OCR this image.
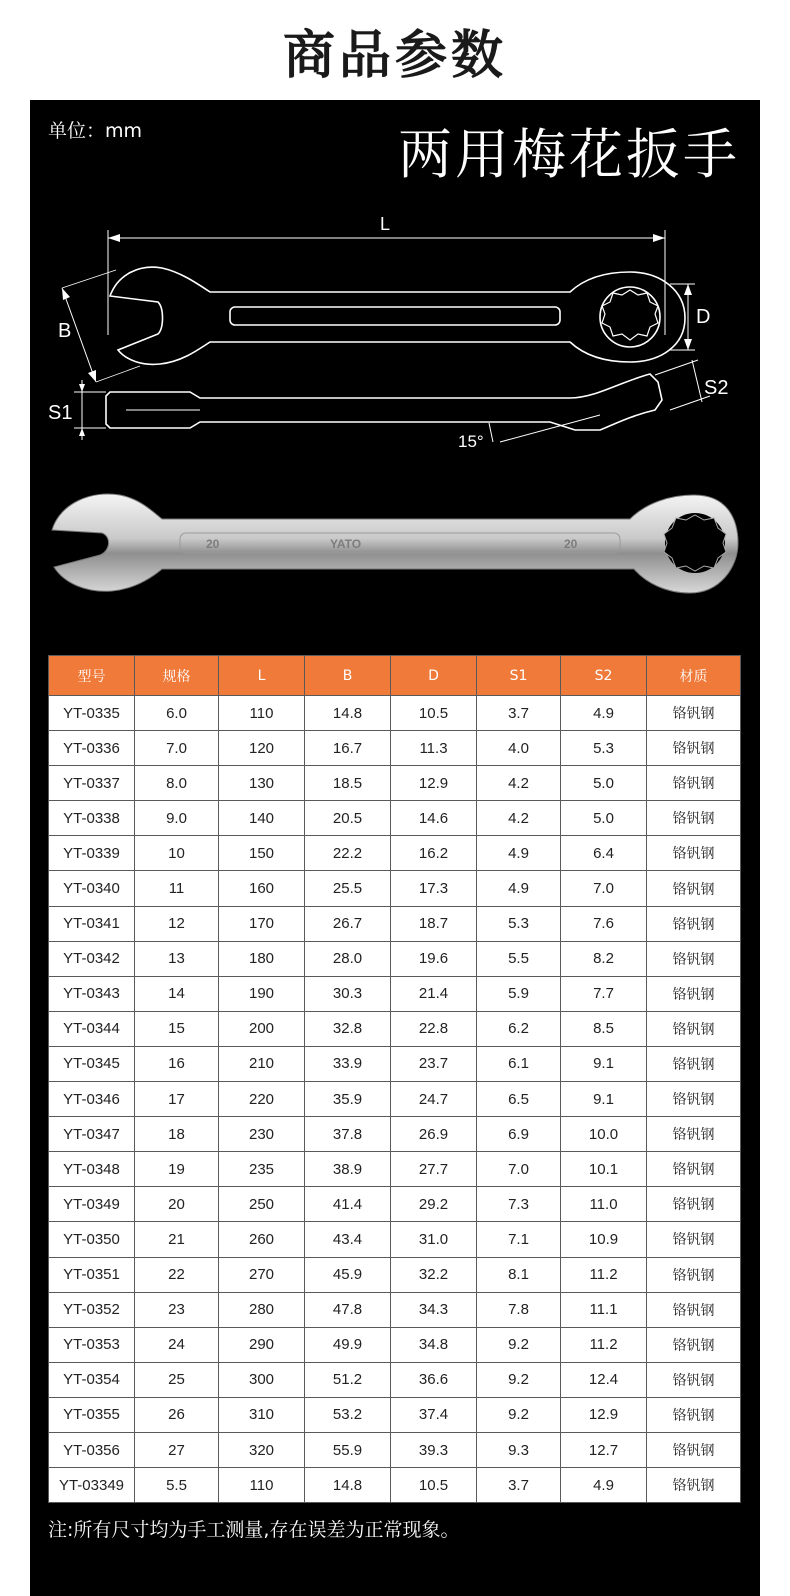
商品参数
单位：mm	两用梅花扳手
L
B
D
S1
S2
15°
20	YATO	20
型号	规格	L	B	D	S1	S2	材质
YT-0335	6.0	110	14.8	10.5	3.7	4.9	铬钒钢
YT-0336	7.0	120	16.7	11.3	4.0	5.3	铬钒钢
YT-0337	8.0	130	18.5	12.9	4.2	5.0	铬钒钢
YT-0338	9.0	140	20.5	14.6	4.2	5.0	铬钒钢
YT-0339	10	150	22.2	16.2	4.9	6.4	铬钒钢
YT-0340	11	160	25.5	17.3	4.9	7.0	铬钒钢
YT-0341	12	170	26.7	18.7	5.3	7.6	铬钒钢
YT-0342	13	180	28.0	19.6	5.5	8.2	铬钒钢
YT-0343	14	190	30.3	21.4	5.9	7.7	铬钒钢
YT-0344	15	200	32.8	22.8	6.2	8.5	铬钒钢
YT-0345	16	210	33.9	23.7	6.1	9.1	铬钒钢
YT-0346	17	220	35.9	24.7	6.5	9.1	铬钒钢
YT-0347	18	230	37.8	26.9	6.9	10.0	铬钒钢
YT-0348	19	235	38.9	27.7	7.0	10.1	铬钒钢
YT-0349	20	250	41.4	29.2	7.3	11.0	铬钒钢
YT-0350	21	260	43.4	31.0	7.1	10.9	铬钒钢
YT-0351	22	270	45.9	32.2	8.1	11.2	铬钒钢
YT-0352	23	280	47.8	34.3	7.8	11.1	铬钒钢
YT-0353	24	290	49.9	34.8	9.2	11.2	铬钒钢
YT-0354	25	300	51.2	36.6	9.2	12.4	铬钒钢
YT-0355	26	310	53.2	37.4	9.2	12.9	铬钒钢
YT-0356	27	320	55.9	39.3	9.3	12.7	铬钒钢
YT-03349	5.5	110	14.8	10.5	3.7	4.9	铬钒钢
注:所有尺寸均为手工测量,存在误差为正常现象。
